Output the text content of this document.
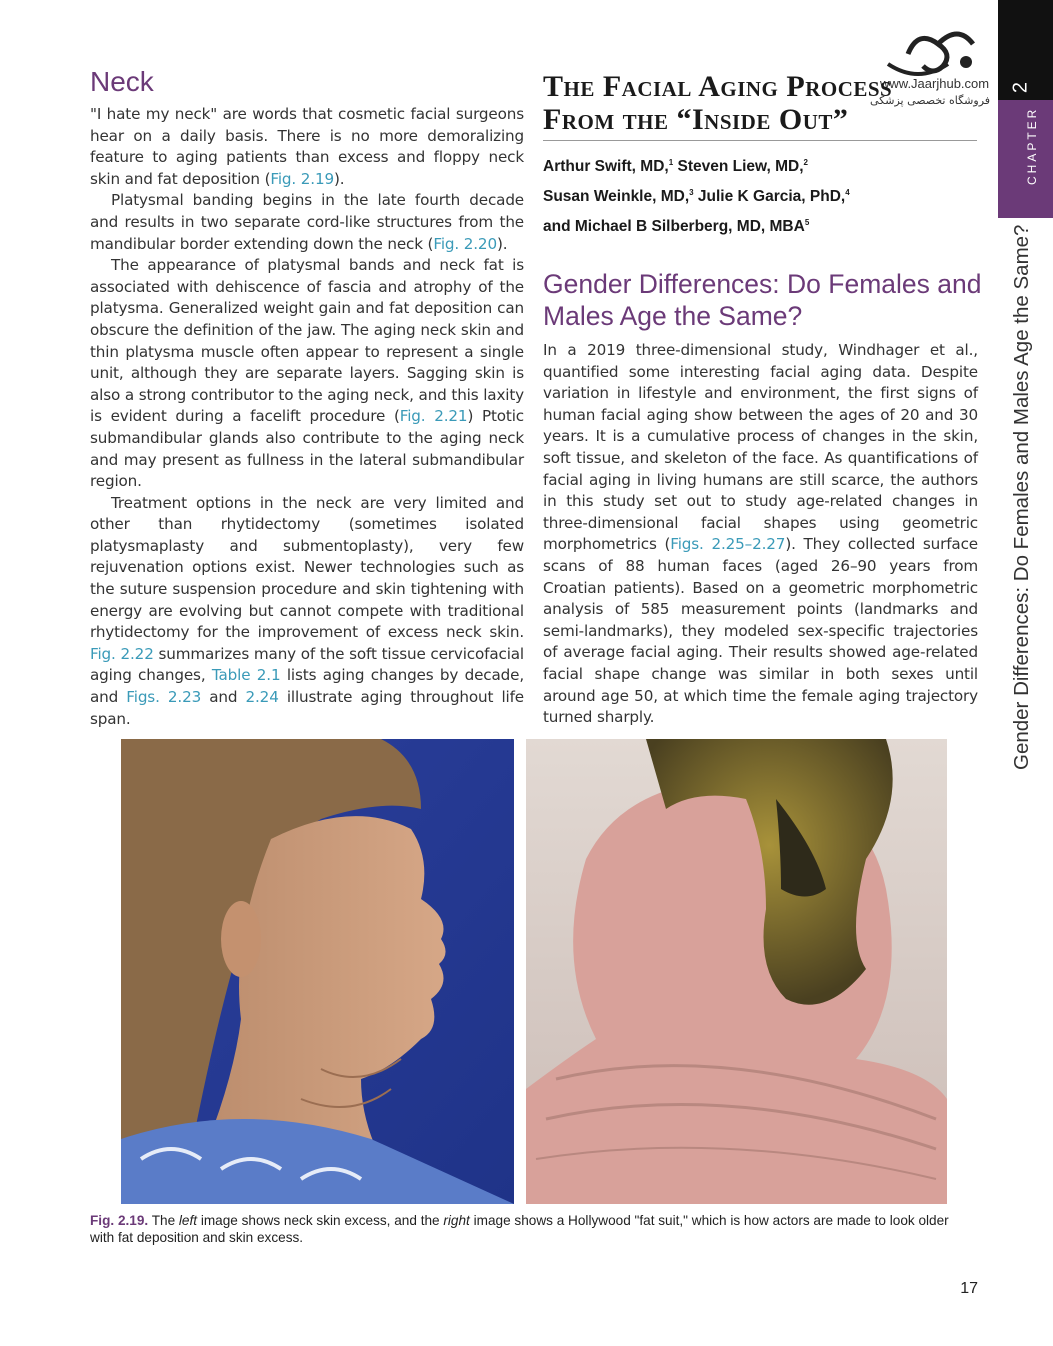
www.Jaarjhub.com
فروشگاه تخصصی پزشکی
2
CHAPTER
Gender Differences: Do Females and Males Age the Same?
Neck

"I hate my neck" are words that cosmetic facial surgeons hear on a daily basis. There is no more demoralizing feature to aging patients than excess and floppy neck skin and fat deposition (Fig. 2.19).

Platysmal banding begins in the late fourth decade and results in two separate cord-like structures from the mandibular border extending down the neck (Fig. 2.20).

The appearance of platysmal bands and neck fat is associated with dehiscence of fascia and atrophy of the platysma. Generalized weight gain and fat deposition can obscure the definition of the jaw. The aging neck skin and thin platysma muscle often appear to represent a single unit, although they are separate layers. Sagging skin is also a strong contributor to the aging neck, and this laxity is evident during a facelift procedure (Fig. 2.21) Ptotic submandibular glands also contribute to the aging neck and may present as fullness in the lateral submandibular region.

Treatment options in the neck are very limited and other than rhytidectomy (sometimes isolated platysmaplasty and submentoplasty), very few rejuvenation options exist. Newer technologies such as the suture suspension procedure and skin tightening with energy are evolving but cannot compete with traditional rhytidectomy for the improvement of excess neck skin. Fig. 2.22 summarizes many of the soft tissue cervicofacial aging changes, Table 2.1 lists aging changes by decade, and Figs. 2.23 and 2.24 illustrate aging throughout life span.

The Facial Aging Process
From the “Inside Out”
Arthur Swift, MD,$^1$ Steven Liew, MD,$^2$
Susan Weinkle, MD,$^3$ Julie K Garcia, PhD,$^4$
and Michael B Silberberg, MD, MBA$^5$
Gender Differences: Do Females and Males Age the Same?

In a 2019 three-dimensional study, Windhager et al., quantified some interesting facial aging data. Despite variation in lifestyle and environment, the first signs of human facial aging show between the ages of 20 and 30 years. It is a cumulative process of changes in the skin, soft tissue, and skeleton of the face. As quantifications of facial aging in living humans are still scarce, the authors in this study set out to study age-related changes in three-dimensional facial shapes using geometric morphometrics (Figs. 2.25–2.27). They collected surface scans of 88 human faces (aged 26–90 years from Croatian patients). Based on a geometric morphometric analysis of 585 measurement points (landmarks and semi-landmarks), they modeled sex-specific trajectories of average facial aging. Their results showed age-related facial shape change was similar in both sexes until around age 50, at which time the female aging trajectory turned sharply.

Fig. 2.19. The left image shows neck skin excess, and the right image shows a Hollywood "fat suit," which is how actors are made to look older with fat deposition and skin excess.
17
